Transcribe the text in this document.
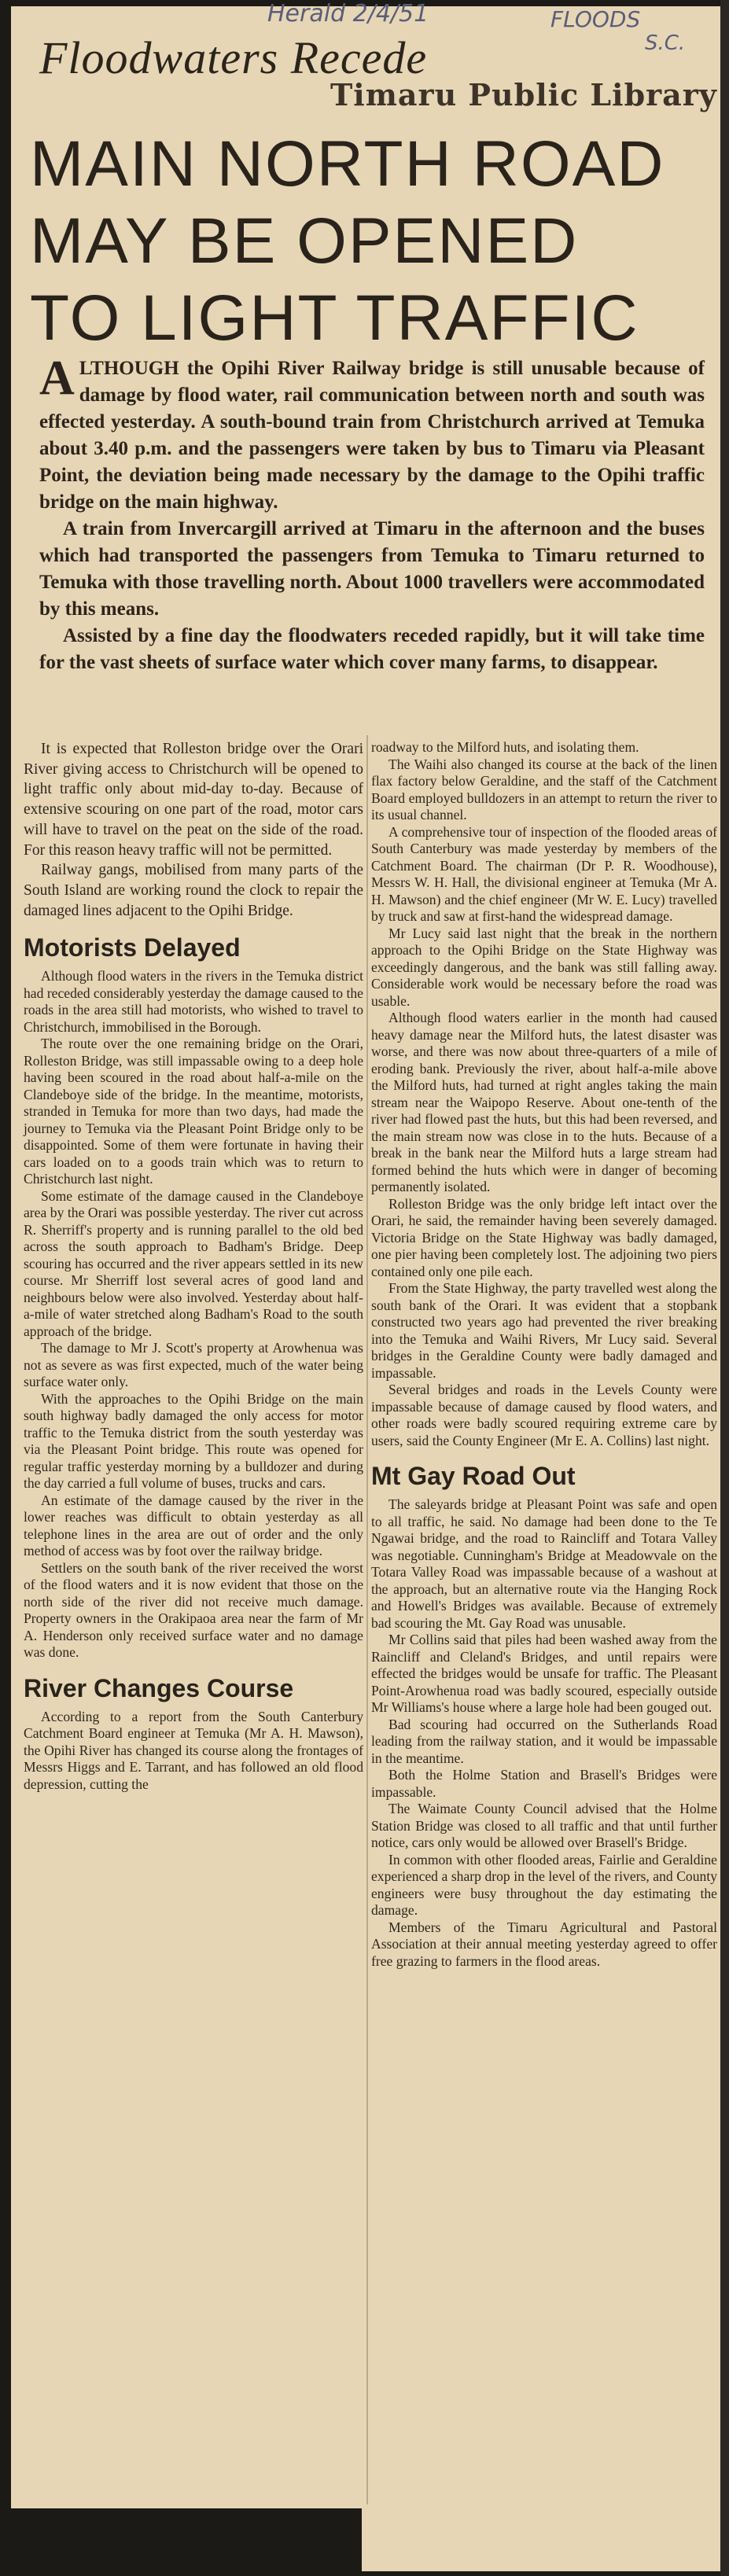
Herald 2/4/51	FLOODS
S.C.
Floodwaters Recede
Timaru Public Library
MAIN NORTH ROAD
MAY BE OPENED
TO LIGHT TRAFFIC

ALTHOUGH the Opihi River Railway bridge is still unusable because of damage by flood water, rail communication between north and south was effected yesterday. A south-bound train from Christchurch arrived at Temuka about 3.40 p.m. and the passengers were taken by bus to Timaru via Pleasant Point, the deviation being made necessary by the damage to the Opihi traffic bridge on the main highway.

A train from Invercargill arrived at Timaru in the afternoon and the buses which had transported the passengers from Temuka to Timaru returned to Temuka with those travelling north. About 1000 travellers were accommodated by this means.

Assisted by a fine day the floodwaters receded rapidly, but it will take time for the vast sheets of surface water which cover many farms, to disappear.

It is expected that Rolleston bridge over the Orari River giving access to Christchurch will be opened to light traffic only about mid-day to-day. Because of extensive scouring on one part of the road, motor cars will have to travel on the peat on the side of the road. For this reason heavy traffic will not be permitted.

Railway gangs, mobilised from many parts of the South Island are working round the clock to repair the damaged lines adjacent to the Opihi Bridge.

Motorists Delayed

Although flood waters in the rivers in the Temuka district had receded considerably yesterday the damage caused to the roads in the area still had motorists, who wished to travel to Christchurch, immobilised in the Borough.

The route over the one remaining bridge on the Orari, Rolleston Bridge, was still impassable owing to a deep hole having been scoured in the road about half-a-mile on the Clandeboye side of the bridge. In the meantime, motorists, stranded in Temuka for more than two days, had made the journey to Temuka via the Pleasant Point Bridge only to be disappointed. Some of them were fortunate in having their cars loaded on to a goods train which was to return to Christchurch last night.

Some estimate of the damage caused in the Clandeboye area by the Orari was possible yesterday. The river cut across R. Sherriff's property and is running parallel to the old bed across the south approach to Badham's Bridge. Deep scouring has occurred and the river appears settled in its new course. Mr Sherriff lost several acres of good land and neighbours below were also involved. Yesterday about half-a-mile of water stretched along Badham's Road to the south approach of the bridge.

The damage to Mr J. Scott's property at Arowhenua was not as severe as was first expected, much of the water being surface water only.

With the approaches to the Opihi Bridge on the main south highway badly damaged the only access for motor traffic to the Temuka district from the south yesterday was via the Pleasant Point bridge. This route was opened for regular traffic yesterday morning by a bulldozer and during the day carried a full volume of buses, trucks and cars.

An estimate of the damage caused by the river in the lower reaches was difficult to obtain yesterday as all telephone lines in the area are out of order and the only method of access was by foot over the railway bridge.

Settlers on the south bank of the river received the worst of the flood waters and it is now evident that those on the north side of the river did not receive much damage. Property owners in the Orakipaoa area near the farm of Mr A. Henderson only received surface water and no damage was done.

River Changes Course

According to a report from the South Canterbury Catchment Board engineer at Temuka (Mr A. H. Mawson), the Opihi River has changed its course along the frontages of Messrs Higgs and E. Tarrant, and has followed an old flood depression, cutting the

roadway to the Milford huts, and isolating them.

The Waihi also changed its course at the back of the linen flax factory below Geraldine, and the staff of the Catchment Board employed bulldozers in an attempt to return the river to its usual channel.

A comprehensive tour of inspection of the flooded areas of South Canterbury was made yesterday by members of the Catchment Board. The chairman (Dr P. R. Woodhouse), Messrs W. H. Hall, the divisional engineer at Temuka (Mr A. H. Mawson) and the chief engineer (Mr W. E. Lucy) travelled by truck and saw at first-hand the widespread damage.

Mr Lucy said last night that the break in the northern approach to the Opihi Bridge on the State Highway was exceedingly dangerous, and the bank was still falling away. Considerable work would be necessary before the road was usable.

Although flood waters earlier in the month had caused heavy damage near the Milford huts, the latest disaster was worse, and there was now about three-quarters of a mile of eroding bank. Previously the river, about half-a-mile above the Milford huts, had turned at right angles taking the main stream near the Waipopo Reserve. About one-tenth of the river had flowed past the huts, but this had been reversed, and the main stream now was close in to the huts. Because of a break in the bank near the Milford huts a large stream had formed behind the huts which were in danger of becoming permanently isolated.

Rolleston Bridge was the only bridge left intact over the Orari, he said, the remainder having been severely damaged. Victoria Bridge on the State Highway was badly damaged, one pier having been completely lost. The adjoining two piers contained only one pile each.

From the State Highway, the party travelled west along the south bank of the Orari. It was evident that a stopbank constructed two years ago had prevented the river breaking into the Temuka and Waihi Rivers, Mr Lucy said. Several bridges in the Geraldine County were badly damaged and impassable.

Several bridges and roads in the Levels County were impassable because of damage caused by flood waters, and other roads were badly scoured requiring extreme care by users, said the County Engineer (Mr E. A. Collins) last night.

Mt Gay Road Out

The saleyards bridge at Pleasant Point was safe and open to all traffic, he said. No damage had been done to the Te Ngawai bridge, and the road to Raincliff and Totara Valley was negotiable. Cunningham's Bridge at Meadowvale on the Totara Valley Road was impassable because of a washout at the approach, but an alternative route via the Hanging Rock and Howell's Bridges was available. Because of extremely bad scouring the Mt. Gay Road was unusable.

Mr Collins said that piles had been washed away from the Raincliff and Cleland's Bridges, and until repairs were effected the bridges would be unsafe for traffic. The Pleasant Point-Arowhenua road was badly scoured, especially outside Mr Williams's house where a large hole had been gouged out.

Bad scouring had occurred on the Sutherlands Road leading from the railway station, and it would be impassable in the meantime.

Both the Holme Station and Brasell's Bridges were impassable.

The Waimate County Council advised that the Holme Station Bridge was closed to all traffic and that until further notice, cars only would be allowed over Brasell's Bridge.

In common with other flooded areas, Fairlie and Geraldine experienced a sharp drop in the level of the rivers, and County engineers were busy throughout the day estimating the damage.

Members of the Timaru Agricultural and Pastoral Association at their annual meeting yesterday agreed to offer free grazing to farmers in the flood areas.
